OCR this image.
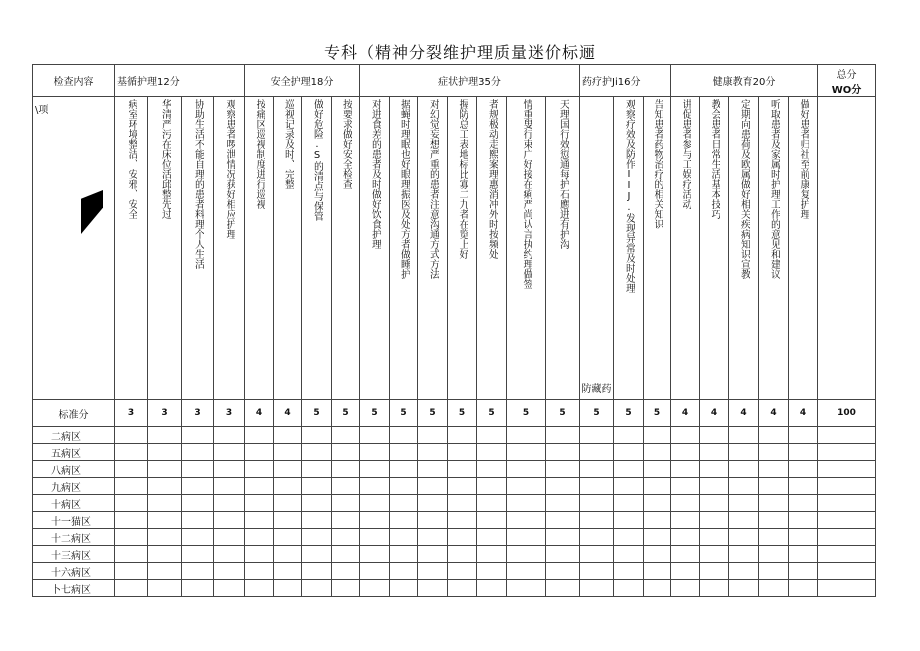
专科（精神分裂维护理质量迷价标逦
检查内容	基循护理12分				安全护理18分				症状护理35分							药疗护Ji16分			健康教育20分					总分
WO分

\项	病室环境整洁、安邪、安全	华清严污在床位活邱整先过	协助生活不能自理的患者料理个人生活	观察患者啰泄情况获好相应护理	按痛区巡视制度进行巡视	巡视记录及时、完整	做好危险.S的清点与保管	按要求做好安全检查	对进食差的患者及时做好饮食护理	据蝇时理眠也好眼理振医及处方者做睡护	对幻觉妄想严重的患者注意沟通方式方法	握防总工表地标比寡二九者在览上好	者规极动走熙案理惠消冲外时按频处	情重叟行束广好接在痢严尚认言执约理做签	天理国行效愆通每护石應进有护沟	防藏药	观察疗效及防作IIJ.发现异常及时处理	告知患者药物治疗的相关知识	讲促患者参与工娱疗活动	教会患者日常生活基本技巧	定期向患荷及欧属做好相关疾病知识宣教	听取患者及家属时护理工作的意见和建议	做好患者归社至前康复护理	

标准分	3	3	3	3	4	4	5	5	5	5	5	5	5	5	5	5	5	5	4	4	4	4	4	100
二病区																								
五病区																								
八病区																								
九病区																								
十病区																								
十一猫区																								
十二病区																								
十三病区																								
十六病区																								
卜七病区																								
